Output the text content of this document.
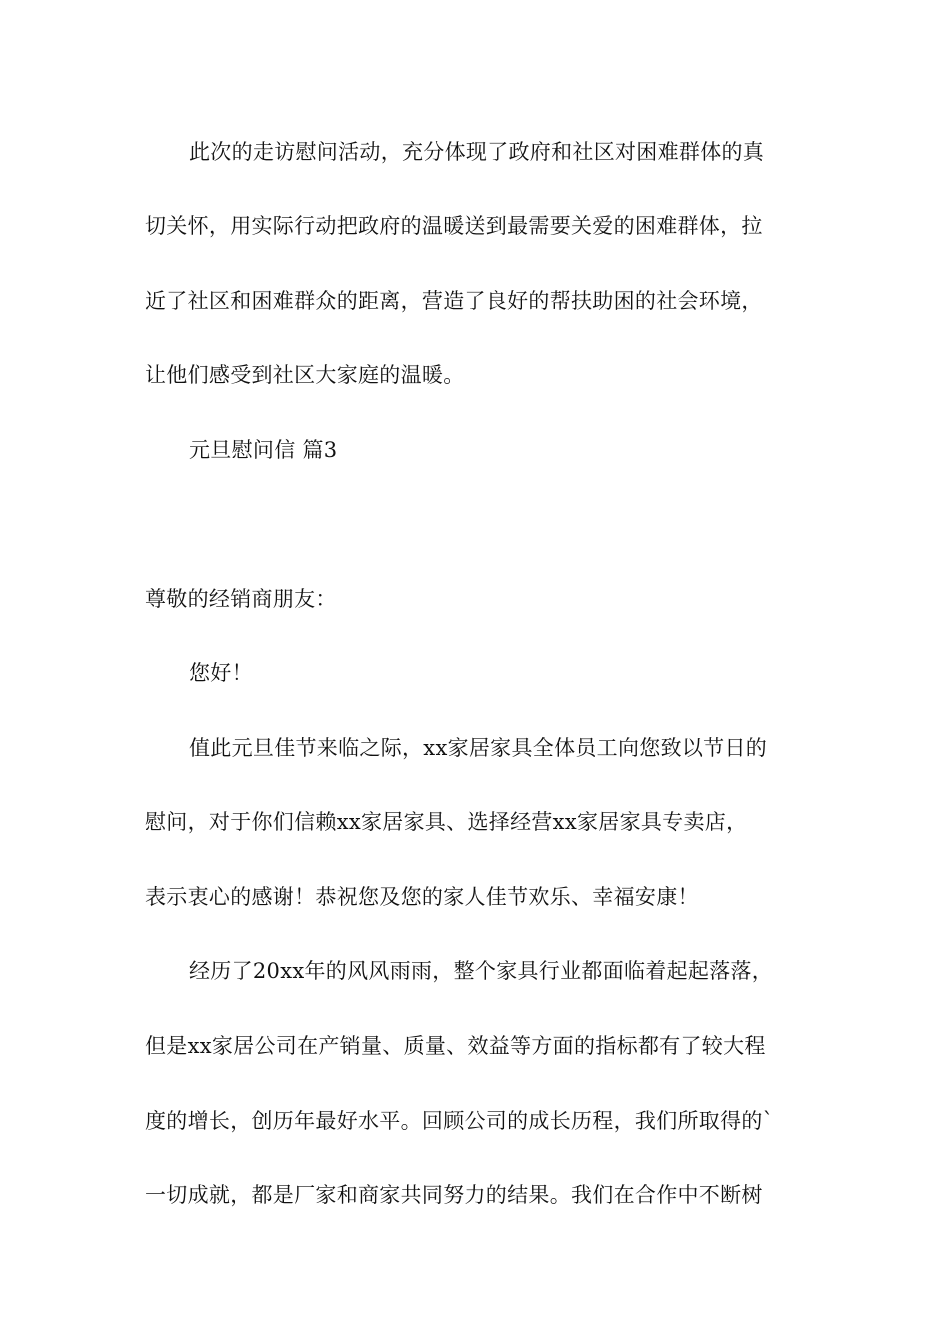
此次的走访慰问活动，充分体现了政府和社区对困难群体的真
切关怀，用实际行动把政府的温暖送到最需要关爱的困难群体，拉
近了社区和困难群众的距离，营造了良好的帮扶助困的社会环境，
让他们感受到社区大家庭的温暖。
元旦慰问信 篇3
尊敬的经销商朋友：
您好！
值此元旦佳节来临之际，xx家居家具全体员工向您致以节日的
慰问，对于你们信赖xx家居家具、选择经营xx家居家具专卖店，
表示衷心的感谢！恭祝您及您的家人佳节欢乐、幸福安康！
经历了20xx年的风风雨雨，整个家具行业都面临着起起落落，
但是xx家居公司在产销量、质量、效益等方面的指标都有了较大程
度的增长，创历年最好水平。回顾公司的成长历程，我们所取得的`
一切成就，都是厂家和商家共同努力的结果。我们在合作中不断树
